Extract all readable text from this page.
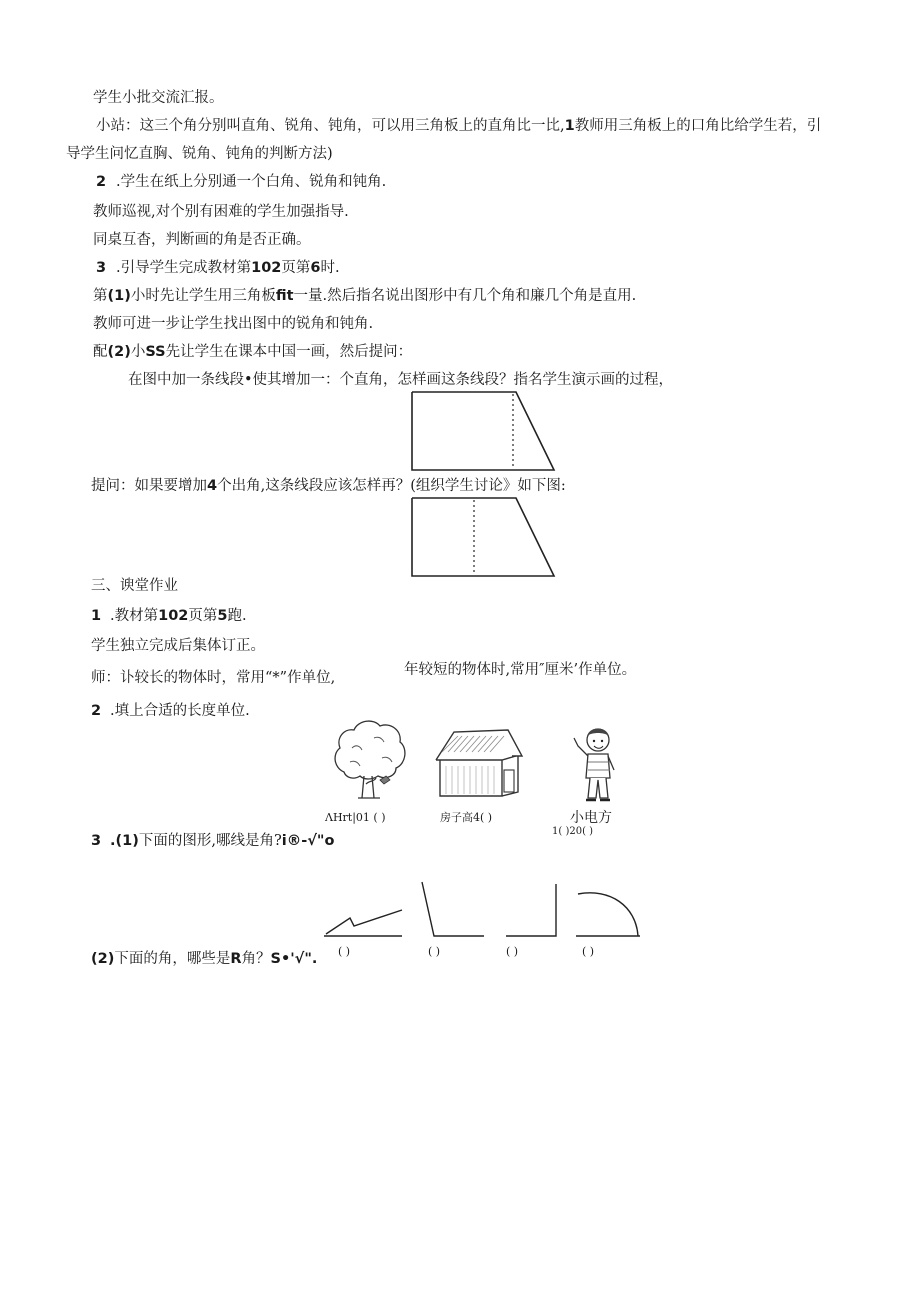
学生小批交流汇报。
小站：这三个角分别叫直角、锐角、钝角，可以用三角板上的直角比一比,1教师用三角板上的口角比给学生若，引
导学生问忆直胸、锐角、钝角的判断方法)
2 .学生在纸上分别通一个白角、锐角和钝角.
教师巡视,对个别有困难的学生加强指导.
同桌互杳，判断画的角是否正确。
3 .引导学生完成教材第102页第6时.
第(1)小时先让学生用三角板fit一量.然后指名说出图形中有几个角和廉几个角是直用.
教师可进一步让学生找出图中的锐角和钝角.
配(2)小SS先让学生在课本中国一画，然后提问：
在图中加一条线段•使其增加一：个直角，怎样画这条线段？指名学生演示画的过程，
提问：如果要增加4个出角,这条线段应该怎样再？(组织学生讨论》如下图:
三、谀堂作业
1 .教材第102页第5跑.
学生独立完成后集体订正。
师：讣较长的物体时，常用“*”作单位,	年较短的物体时,常用″厘米’作单位。
2 .填上合适的长度单位.
ΛHrt|01 ( )	房子高4( )	小电方
1( )20( )
3 .(1)下面的图形,哪线是角?i®-√"o
( )	( )	( )	( )
(2)下面的角，哪些是R角？S•'√".
